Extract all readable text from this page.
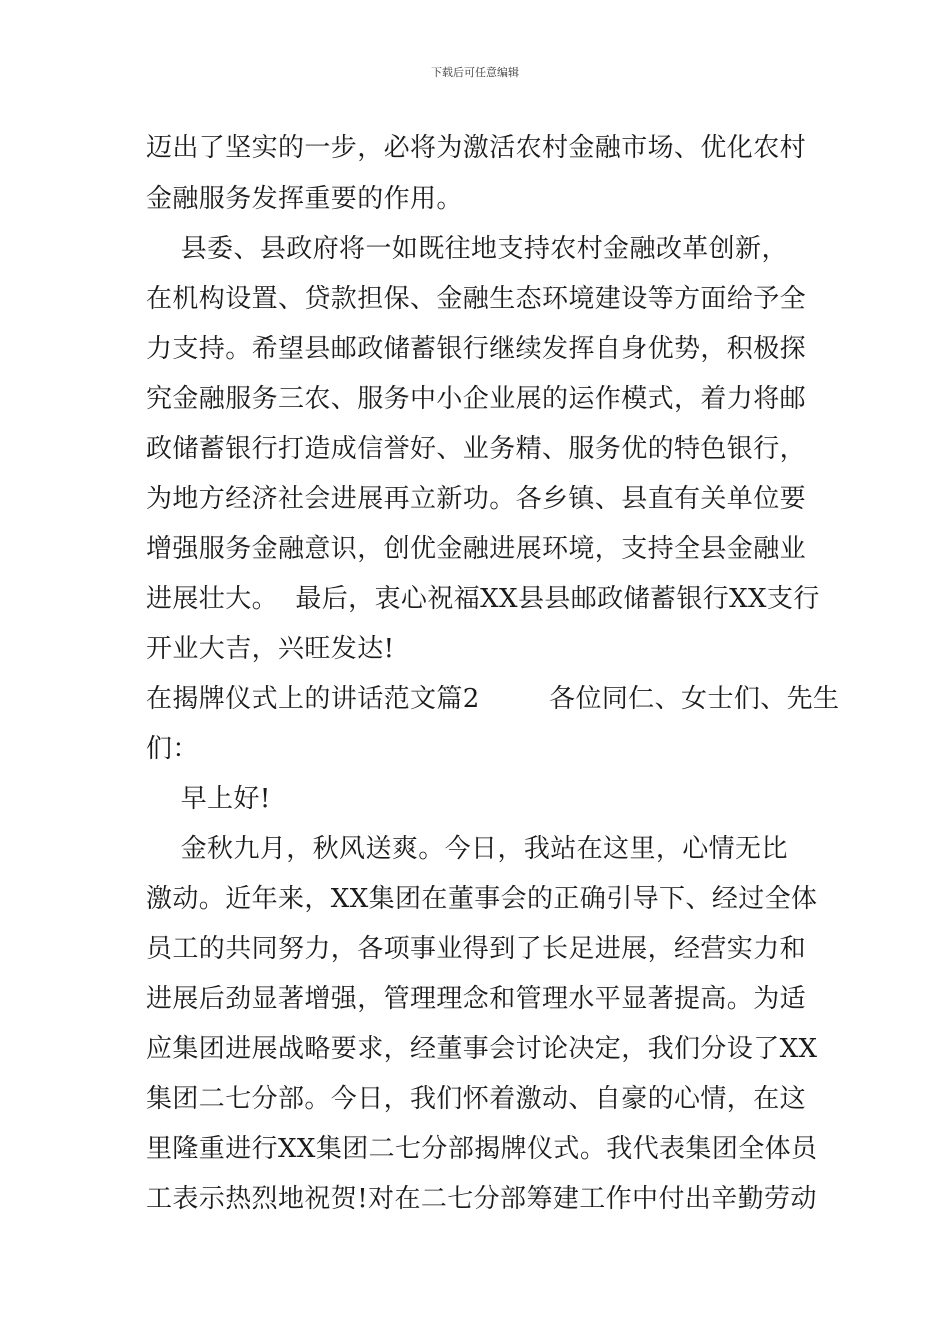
下载后可任意编辑
迈出了坚实的一步，必将为激活农村金融市场、优化农村
金融服务发挥重要的作用。
县委、县政府将一如既往地支持农村金融改革创新，
在机构设置、贷款担保、金融生态环境建设等方面给予全
力支持。希望县邮政储蓄银行继续发挥自身优势，积极探
究金融服务三农、服务中小企业展的运作模式，着力将邮
政储蓄银行打造成信誉好、业务精、服务优的特色银行，
为地方经济社会进展再立新功。各乡镇、县直有关单位要
增强服务金融意识，创优金融进展环境，支持全县金融业
进展壮大。  最后，衷心祝福XX县县邮政储蓄银行XX支行
开业大吉，兴旺发达!
在揭牌仪式上的讲话范文篇2        各位同仁、女士们、先生
们：
早上好!
金秋九月，秋风送爽。今日，我站在这里，心情无比
激动。近年来，XX集团在董事会的正确引导下、经过全体
员工的共同努力，各项事业得到了长足进展，经营实力和
进展后劲显著增强，管理理念和管理水平显著提高。为适
应集团进展战略要求，经董事会讨论决定，我们分设了XX
集团二七分部。今日，我们怀着激动、自豪的心情，在这
里隆重进行XX集团二七分部揭牌仪式。我代表集团全体员
工表示热烈地祝贺!对在二七分部筹建工作中付出辛勤劳动
